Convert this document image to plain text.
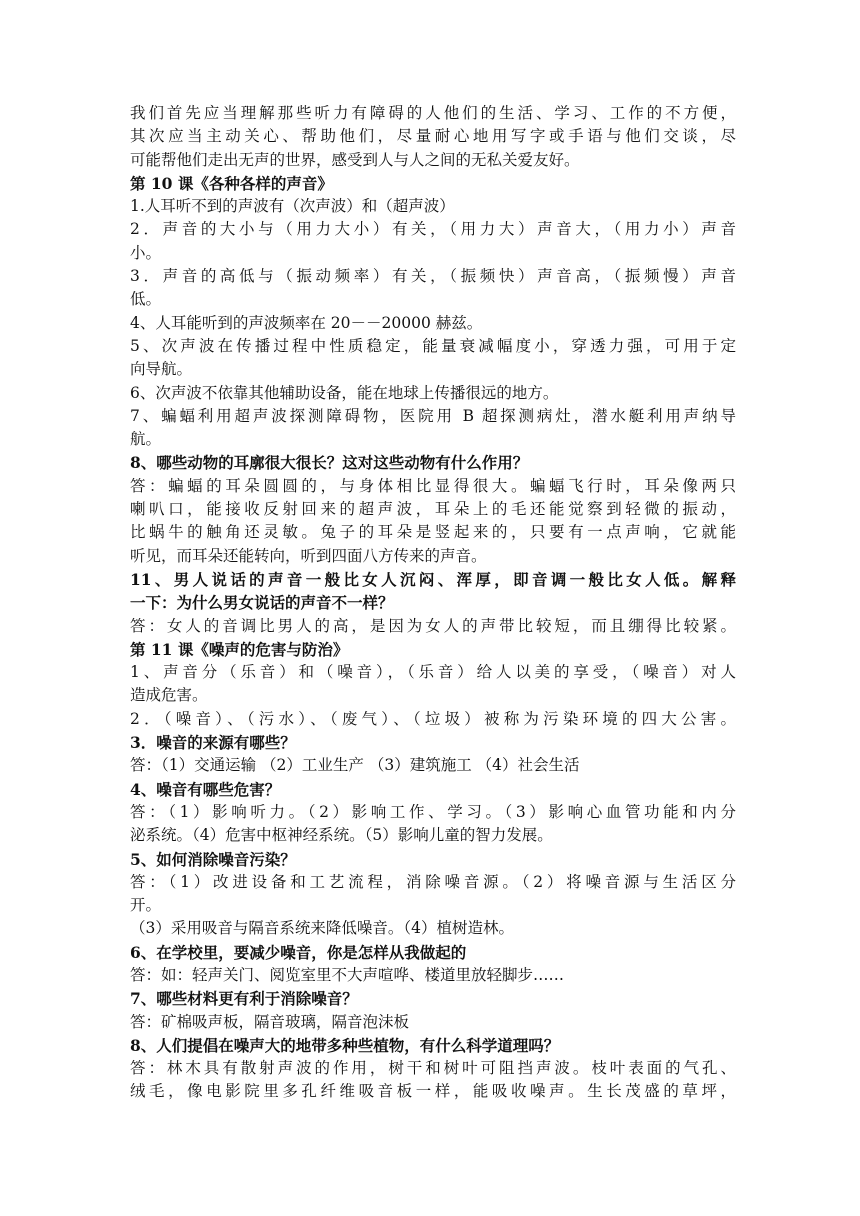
我们首先应当理解那些听力有障碍的人他们的生活、学习、工作的不方便，
其次应当主动关心、帮助他们，尽量耐心地用写字或手语与他们交谈，尽
可能帮他们走出无声的世界，感受到人与人之间的无私关爱友好。
第 10 课《各种各样的声音》
1.人耳听不到的声波有（次声波）和（超声波）
2．声音的大小与（用力大小）有关，（用力大）声音大，（用力小）声音
小。
3．声音的高低与（振动频率）有关，（振频快）声音高，（振频慢）声音
低。
4、人耳能听到的声波频率在 20－－20000 赫兹。
5、次声波在传播过程中性质稳定，能量衰减幅度小，穿透力强，可用于定
向导航。
6、次声波不依靠其他辅助设备，能在地球上传播很远的地方。
7、蝙蝠利用超声波探测障碍物，医院用 B 超探测病灶，潜水艇利用声纳导
航。
8、哪些动物的耳廓很大很长？这对这些动物有什么作用？
答：蝙蝠的耳朵圆圆的，与身体相比显得很大。蝙蝠飞行时，耳朵像两只
喇叭口，能接收反射回来的超声波，耳朵上的毛还能觉察到轻微的振动，
比蜗牛的触角还灵敏。兔子的耳朵是竖起来的，只要有一点声响，它就能
听见，而耳朵还能转向，听到四面八方传来的声音。
11、男人说话的声音一般比女人沉闷、浑厚，即音调一般比女人低。解释
一下：为什么男女说话的声音不一样？
答：女人的音调比男人的高，是因为女人的声带比较短，而且绷得比较紧。
第 11 课《噪声的危害与防治》
1、声音分（乐音）和（噪音），（乐音）给人以美的享受，（噪音）对人
造成危害。
2．（噪音）、（污水）、（废气）、（垃圾）被称为污染环境的四大公害。
3．噪音的来源有哪些？
答：（1）交通运输 （2）工业生产 （3）建筑施工 （4）社会生活
4、噪音有哪些危害？
答：（1）影响听力。（2）影响工作、学习。（3）影响心血管功能和内分
泌系统。（4）危害中枢神经系统。（5）影响儿童的智力发展。
5、如何消除噪音污染？
答：（1）改进设备和工艺流程，消除噪音源。（2）将噪音源与生活区分
开。
（3）采用吸音与隔音系统来降低噪音。（4）植树造林。
6、在学校里，要减少噪音，你是怎样从我做起的
答：如：轻声关门、阅览室里不大声喧哗、楼道里放轻脚步……
7、哪些材料更有利于消除噪音？
答：矿棉吸声板，隔音玻璃，隔音泡沫板
8、人们提倡在噪声大的地带多种些植物，有什么科学道理吗？
答：林木具有散射声波的作用，树干和树叶可阻挡声波。枝叶表面的气孔、
绒毛，像电影院里多孔纤维吸音板一样，能吸收噪声。生长茂盛的草坪，
